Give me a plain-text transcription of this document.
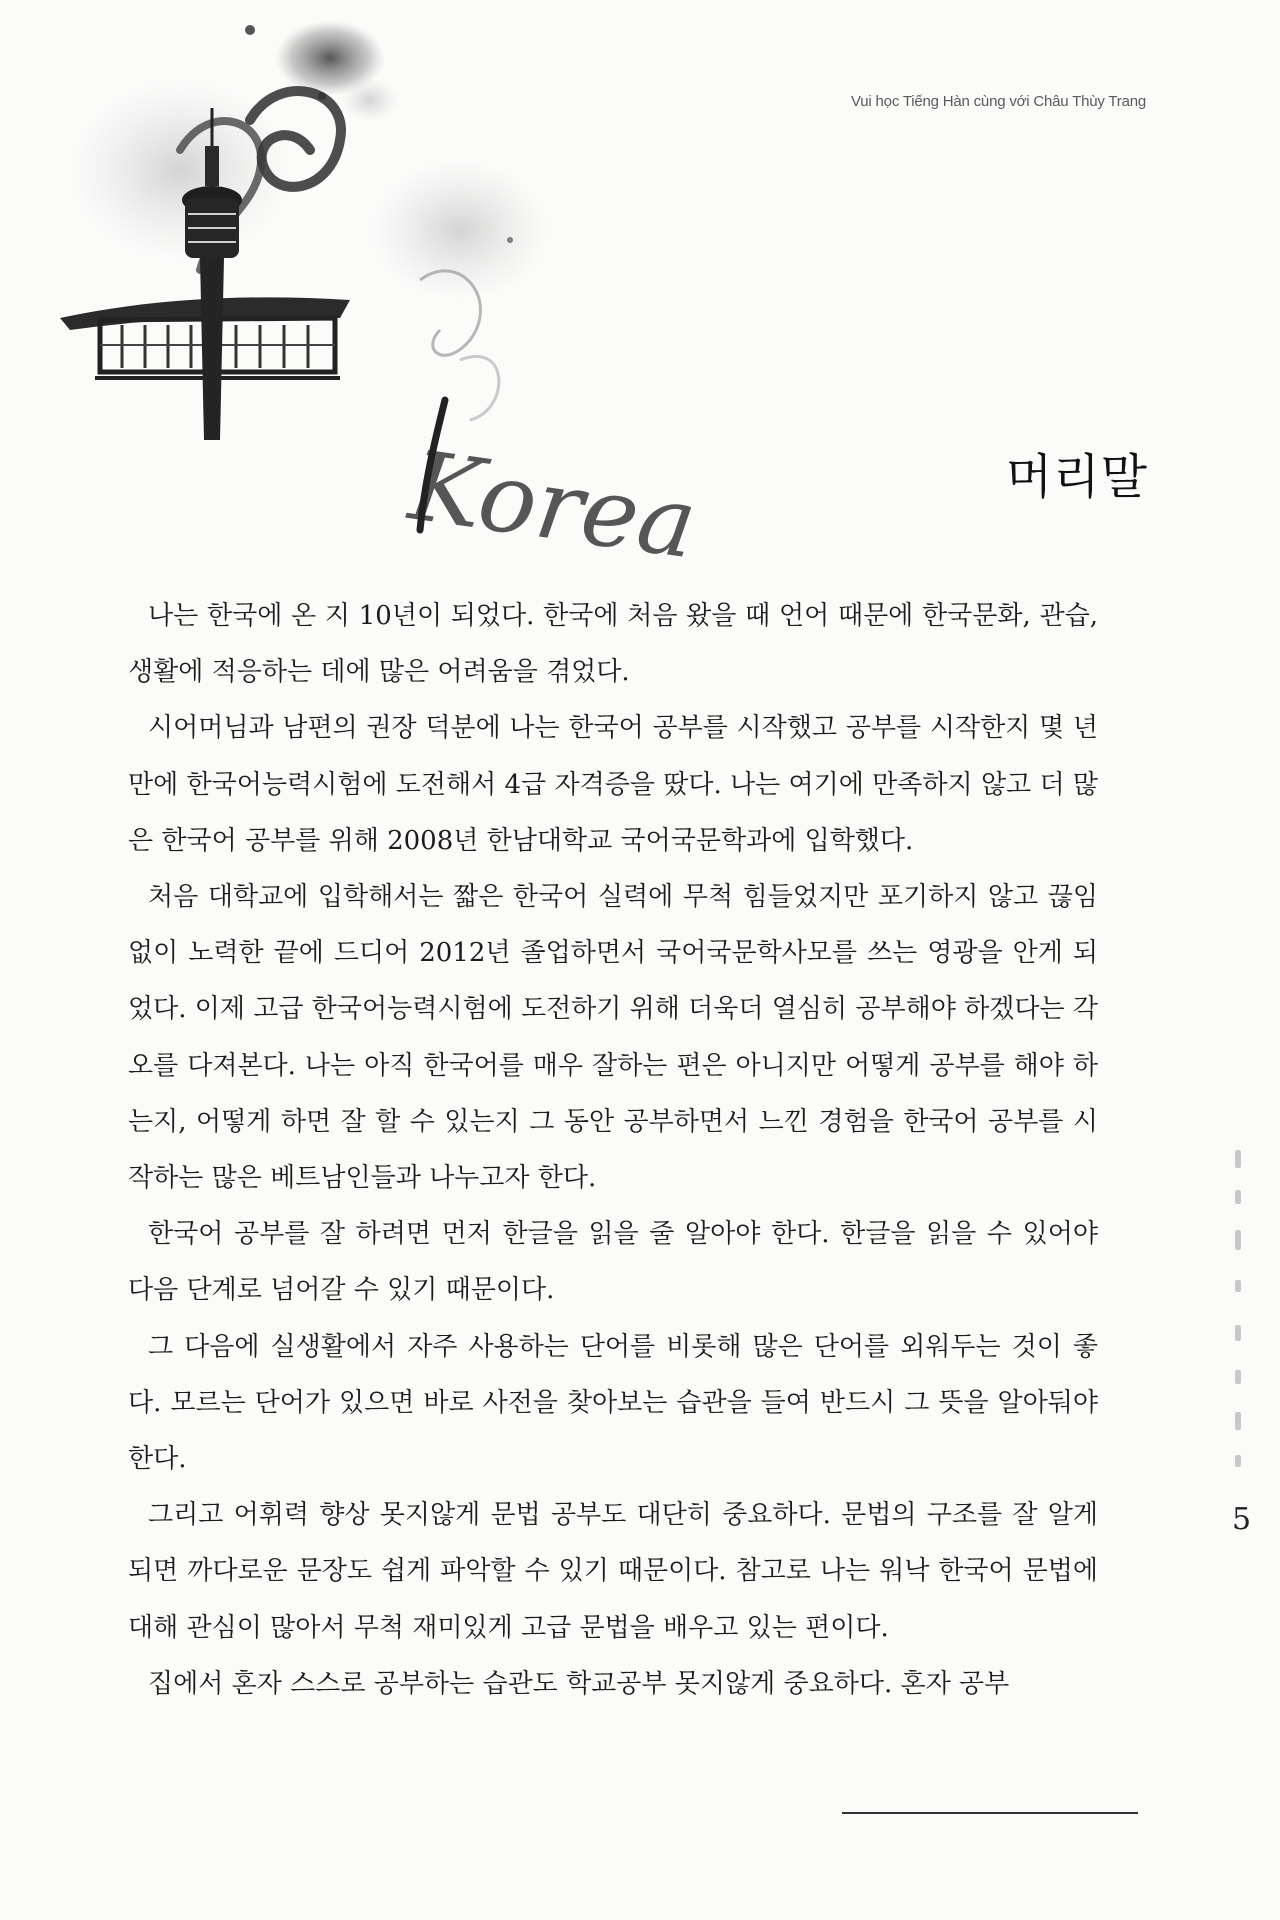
Vui học Tiếng Hàn cùng với Châu Thùy Trang
Korea	머리말

나는 한국에 온 지 10년이 되었다. 한국에 처음 왔을 때 언어 때문에 한국문화, 관습, 생활에 적응하는 데에 많은 어려움을 겪었다.

시어머님과 남편의 권장 덕분에 나는 한국어 공부를 시작했고 공부를 시작한지 몇 년 만에 한국어능력시험에 도전해서 4급 자격증을 땄다. 나는 여기에 만족하지 않고 더 많은 한국어 공부를 위해 2008년 한남대학교 국어국문학과에 입학했다.

처음 대학교에 입학해서는 짧은 한국어 실력에 무척 힘들었지만 포기하지 않고 끊임없이 노력한 끝에 드디어 2012년 졸업하면서 국어국문학사모를 쓰는 영광을 안게 되었다. 이제 고급 한국어능력시험에 도전하기 위해 더욱더 열심히 공부해야 하겠다는 각오를 다져본다. 나는 아직 한국어를 매우 잘하는 편은 아니지만 어떻게 공부를 해야 하는지, 어떻게 하면 잘 할 수 있는지 그 동안 공부하면서 느낀 경험을 한국어 공부를 시작하는 많은 베트남인들과 나누고자 한다.

한국어 공부를 잘 하려면 먼저 한글을 읽을 줄 알아야 한다. 한글을 읽을 수 있어야 다음 단계로 넘어갈 수 있기 때문이다.

그 다음에 실생활에서 자주 사용하는 단어를 비롯해 많은 단어를 외워두는 것이 좋다. 모르는 단어가 있으면 바로 사전을 찾아보는 습관을 들여 반드시 그 뜻을 알아둬야 한다.

그리고 어휘력 향상 못지않게 문법 공부도 대단히 중요하다. 문법의 구조를 잘 알게 되면 까다로운 문장도 쉽게 파악할 수 있기 때문이다. 참고로 나는 워낙 한국어 문법에 대해 관심이 많아서 무척 재미있게 고급 문법을 배우고 있는 편이다.

집에서 혼자 스스로 공부하는 습관도 학교공부 못지않게 중요하다. 혼자 공부

5
